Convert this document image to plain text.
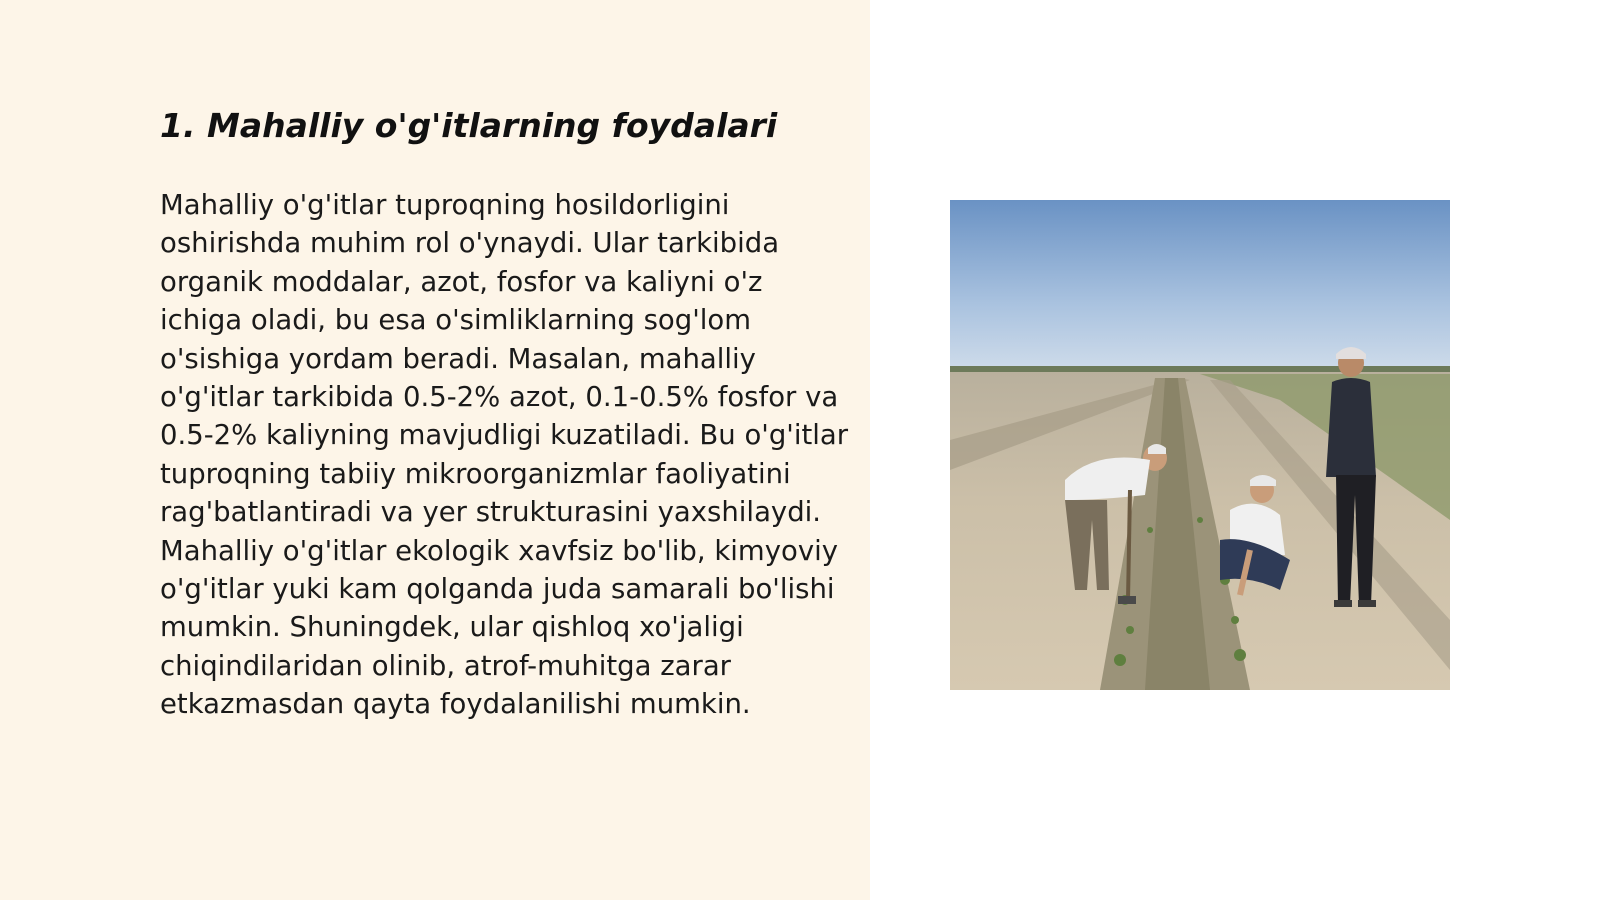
1. Mahalliy o'g'itlarning foydalari

Mahalliy o'g'itlar tuproqning hosildorligini oshirishda muhim rol o'ynaydi. Ular tarkibida organik moddalar, azot, fosfor va kaliyni o'z ichiga oladi, bu esa o'simliklarning sog'lom o'sishiga yordam beradi. Masalan, mahalliy o'g'itlar tarkibida 0.5-2% azot, 0.1-0.5% fosfor va 0.5-2% kaliyning mavjudligi kuzatiladi. Bu o'g'itlar tuproqning tabiiy mikroorganizmlar faoliyatini rag'batlantiradi va yer strukturasini yaxshilaydi. Mahalliy o'g'itlar ekologik xavfsiz bo'lib, kimyoviy o'g'itlar yuki kam qolganda juda samarali bo'lishi mumkin. Shuningdek, ular qishloq xo'jaligi chiqindilaridan olinib, atrof-muhitga zarar etkazmasdan qayta foydalanilishi mumkin.
